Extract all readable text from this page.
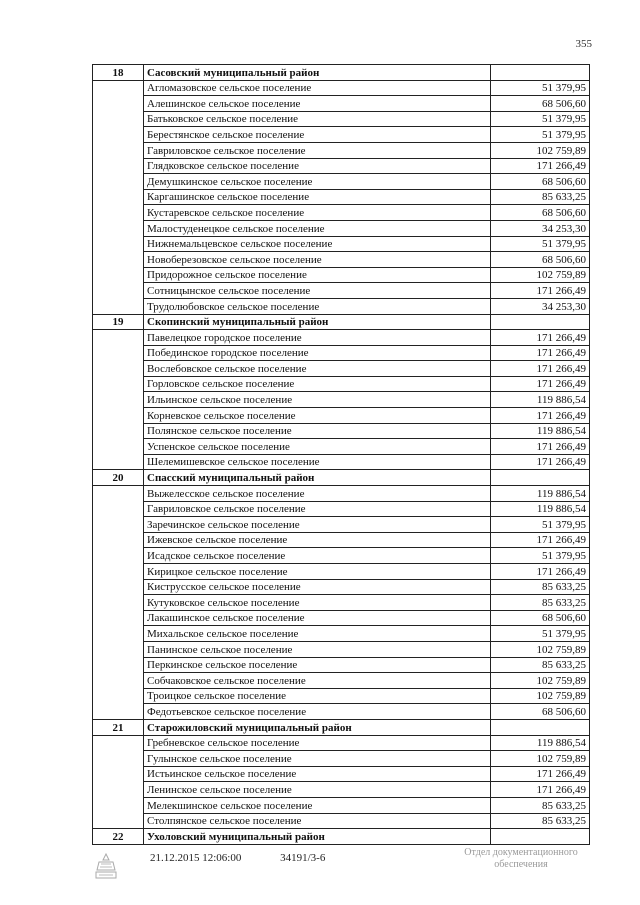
355
18	Сасовский муниципальный район	
	Агломазовское сельское поселение	51 379,95
	Алешинское сельское поселение	68 506,60
	Батьковское сельское поселение	51 379,95
	Берестянское сельское поселение	51 379,95
	Гавриловское сельское поселение	102 759,89
	Глядковское сельское поселение	171 266,49
	Демушкинское сельское поселение	68 506,60
	Каргашинское сельское поселение	85 633,25
	Кустаревское сельское поселение	68 506,60
	Малостуденецкое сельское поселение	34 253,30
	Нижнемальцевское сельское поселение	51 379,95
	Новоберезовское сельское поселение	68 506,60
	Придорожное сельское поселение	102 759,89
	Сотницынское сельское поселение	171 266,49
	Трудолюбовское сельское поселение	34 253,30
19	Скопинский муниципальный район	
	Павелецкое городское поселение	171 266,49
	Побединское городское поселение	171 266,49
	Вослебовское сельское поселение	171 266,49
	Горловское сельское поселение	171 266,49
	Ильинское сельское поселение	119 886,54
	Корневское сельское поселение	171 266,49
	Полянское сельское поселение	119 886,54
	Успенское сельское поселение	171 266,49
	Шелемишевское сельское поселение	171 266,49
20	Спасский муниципальный район	
	Выжелесское сельское поселение	119 886,54
	Гавриловское сельское поселение	119 886,54
	Заречинское сельское поселение	51 379,95
	Ижевское сельское поселение	171 266,49
	Исадское сельское поселение	51 379,95
	Кирицкое сельское поселение	171 266,49
	Киструсское сельское поселение	85 633,25
	Кутуковское сельское поселение	85 633,25
	Лакашинское сельское поселение	68 506,60
	Михальское сельское поселение	51 379,95
	Панинское сельское поселение	102 759,89
	Перкинское сельское поселение	85 633,25
	Собчаковское сельское поселение	102 759,89
	Троицкое сельское поселение	102 759,89
	Федотьевское сельское поселение	68 506,60
21	Старожиловский муниципальный район	
	Гребневское сельское поселение	119 886,54
	Гулынское сельское поселение	102 759,89
	Истьинское сельское поселение	171 266,49
	Ленинское сельское поселение	171 266,49
	Мелекшинское сельское поселение	85 633,25
	Столпянское сельское поселение	85 633,25
22	Ухоловский муниципальный район	
21.12.2015 12:06:00	34191/3-6	Отдел документационного
обеспечения
